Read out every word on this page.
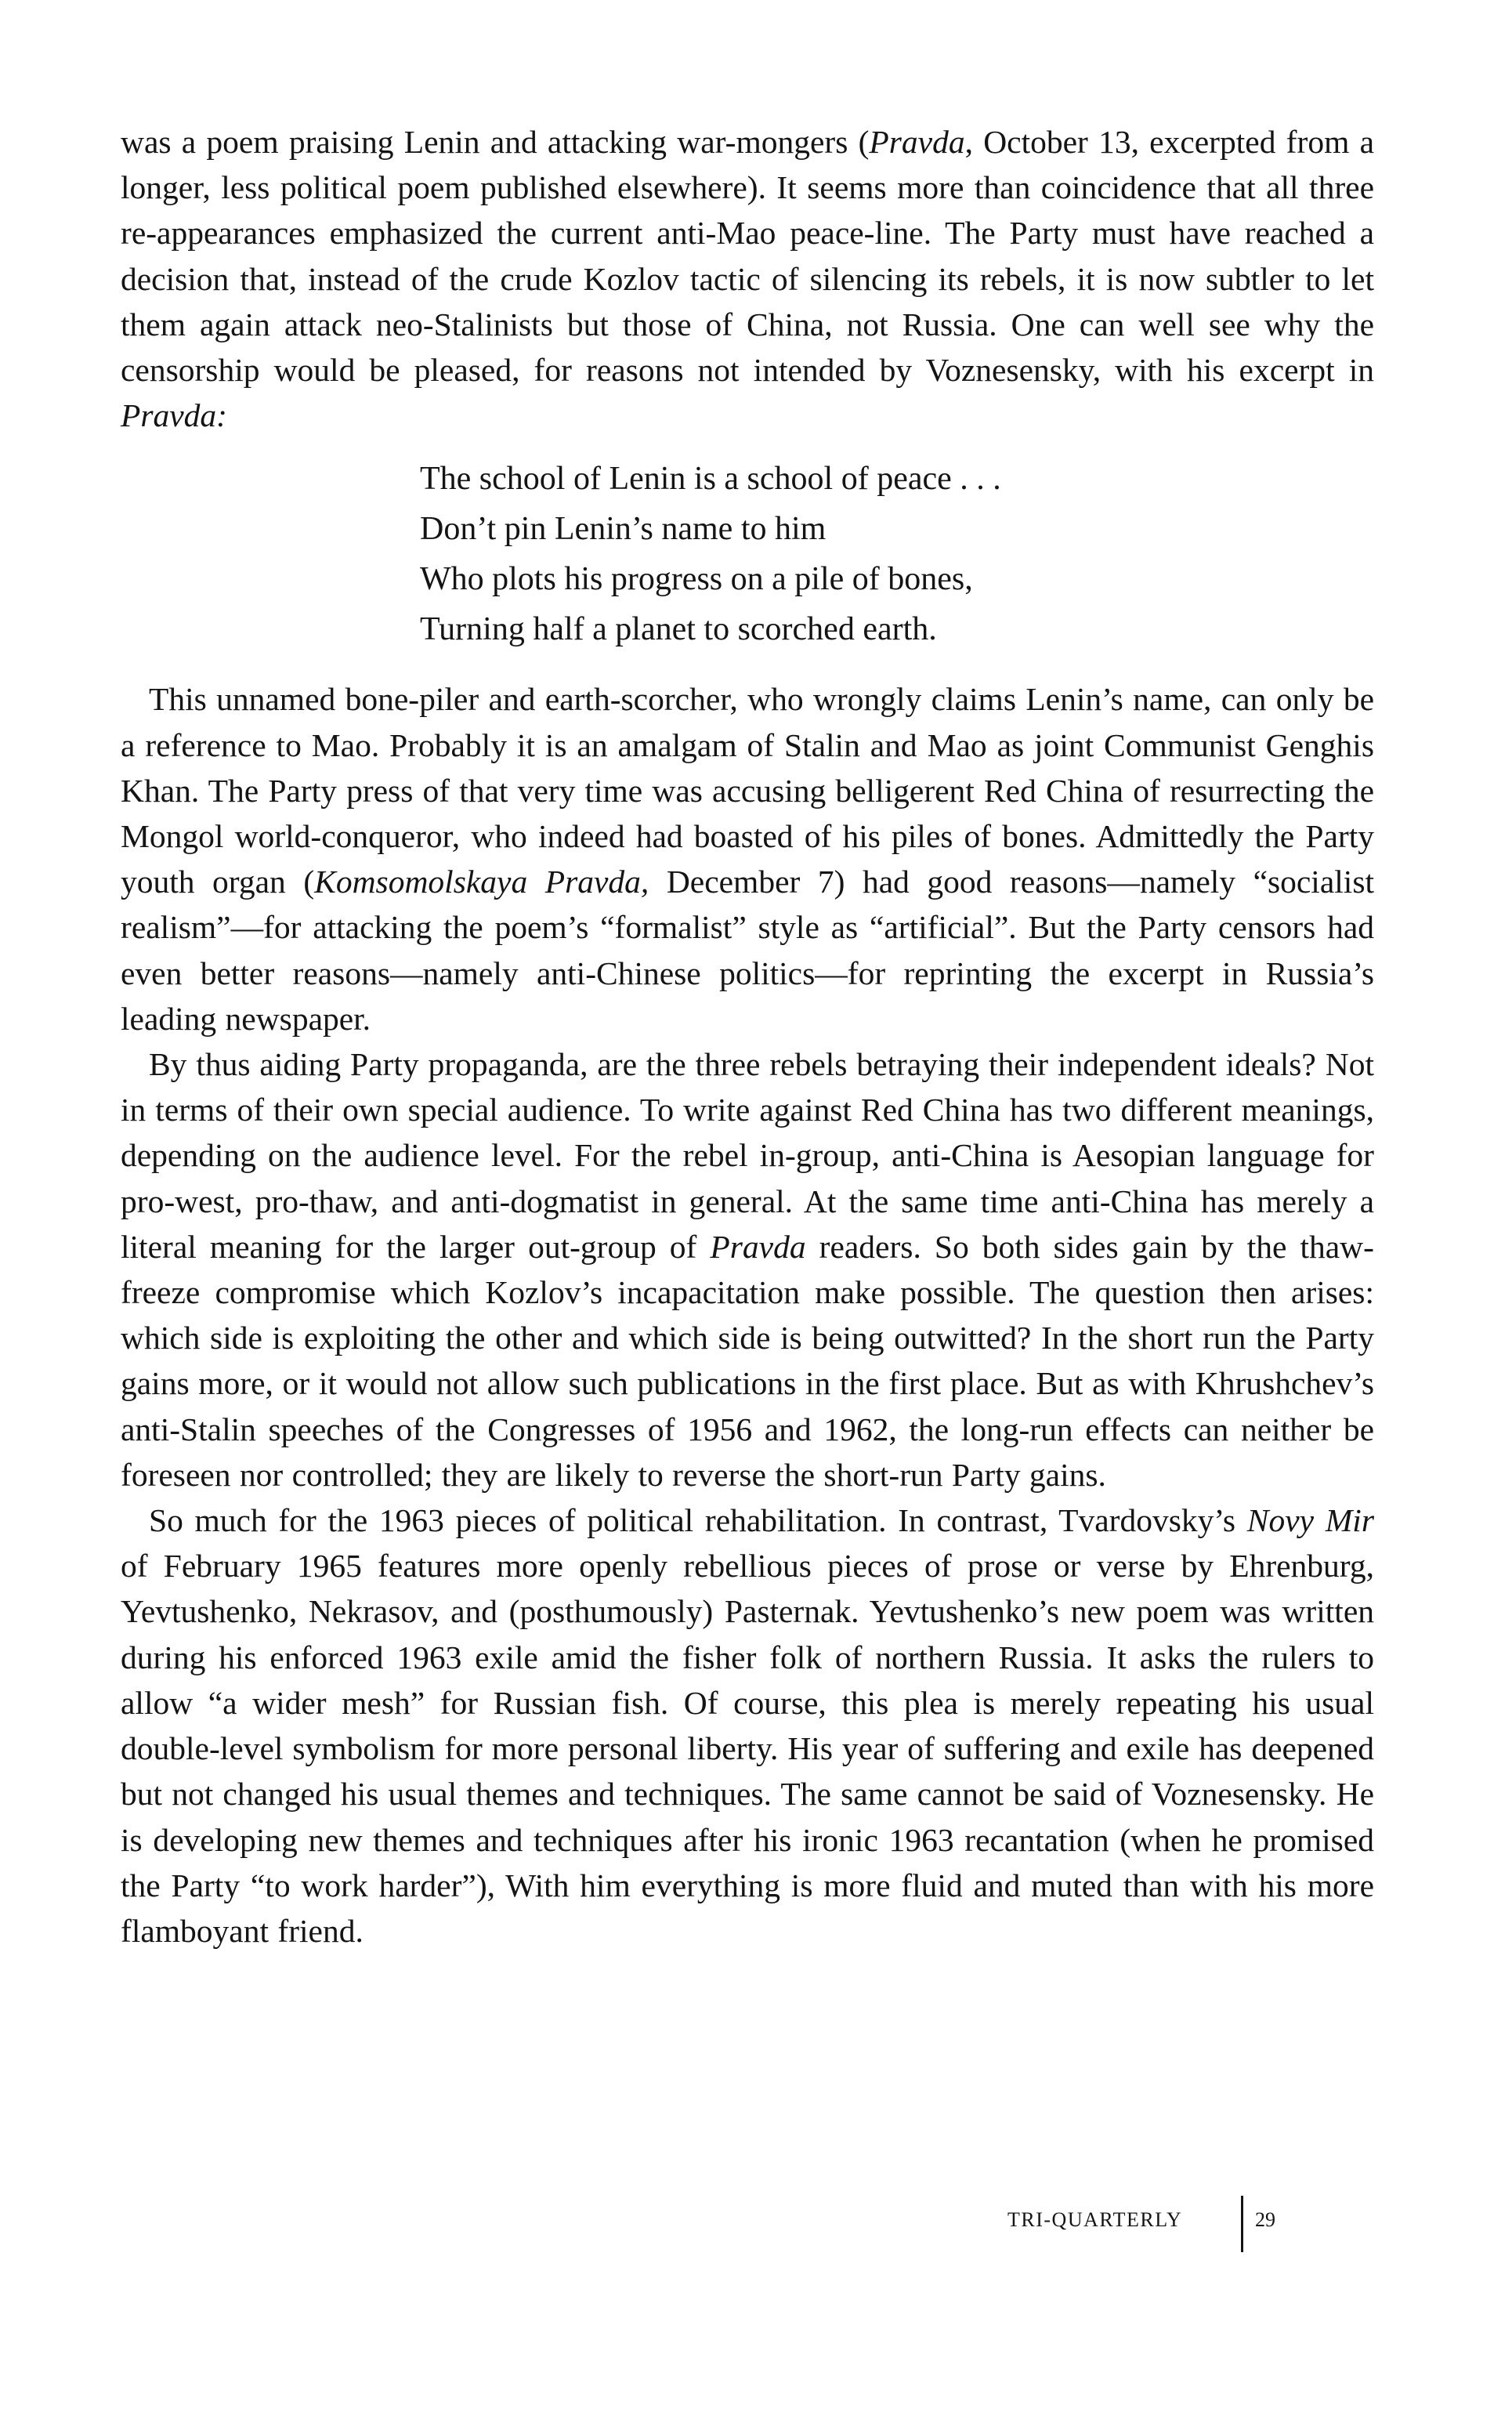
was a poem praising Lenin and attacking war-mongers (Pravda, October 13, excerpted from a longer, less political poem published elsewhere). It seems more than coincidence that all three re-appearances emphasized the current anti-Mao peace-line. The Party must have reached a decision that, instead of the crude Kozlov tactic of silencing its rebels, it is now subtler to let them again attack neo-Stalinists but those of China, not Russia. One can well see why the censorship would be pleased, for reasons not intended by Voznesensky, with his excerpt in Pravda:

The school of Lenin is a school of peace . . .
Don’t pin Lenin’s name to him
Who plots his progress on a pile of bones,
Turning half a planet to scorched earth.

This unnamed bone-piler and earth-scorcher, who wrongly claims Lenin’s name, can only be a reference to Mao. Probably it is an amalgam of Stalin and Mao as joint Communist Genghis Khan. The Party press of that very time was accusing belligerent Red China of resurrecting the Mongol world-conqueror, who indeed had boasted of his piles of bones. Admittedly the Party youth organ (Komsomolskaya Pravda, December 7) had good reasons—namely “socialist realism”—for attacking the poem’s “formalist” style as “artificial”. But the Party censors had even better reasons—namely anti-Chinese politics—for reprinting the excerpt in Russia’s leading newspaper.

By thus aiding Party propaganda, are the three rebels betraying their independent ideals? Not in terms of their own special audience. To write against Red China has two different meanings, depending on the audience level. For the rebel in-group, anti-China is Aesopian language for pro-west, pro-thaw, and anti-dogmatist in general. At the same time anti-China has merely a literal meaning for the larger out-group of Pravda readers. So both sides gain by the thaw-freeze compromise which Kozlov’s incapacitation make possible. The question then arises: which side is exploiting the other and which side is being outwitted? In the short run the Party gains more, or it would not allow such publications in the first place. But as with Khrushchev’s anti-Stalin speeches of the Congresses of 1956 and 1962, the long-run effects can neither be foreseen nor controlled; they are likely to reverse the short-run Party gains.

So much for the 1963 pieces of political rehabilitation. In contrast, Tvardovsky’s Novy Mir of February 1965 features more openly rebellious pieces of prose or verse by Ehrenburg, Yevtushenko, Nekrasov, and (posthumously) Pasternak. Yevtushenko’s new poem was written during his enforced 1963 exile amid the fisher folk of northern Russia. It asks the rulers to allow “a wider mesh” for Russian fish. Of course, this plea is merely repeating his usual double-level symbolism for more personal liberty. His year of suffering and exile has deepened but not changed his usual themes and techniques. The same cannot be said of Voznesensky. He is developing new themes and techniques after his ironic 1963 recantation (when he promised the Party “to work harder”), With him everything is more fluid and muted than with his more flamboyant friend.

TRI-QUARTERLY	29
